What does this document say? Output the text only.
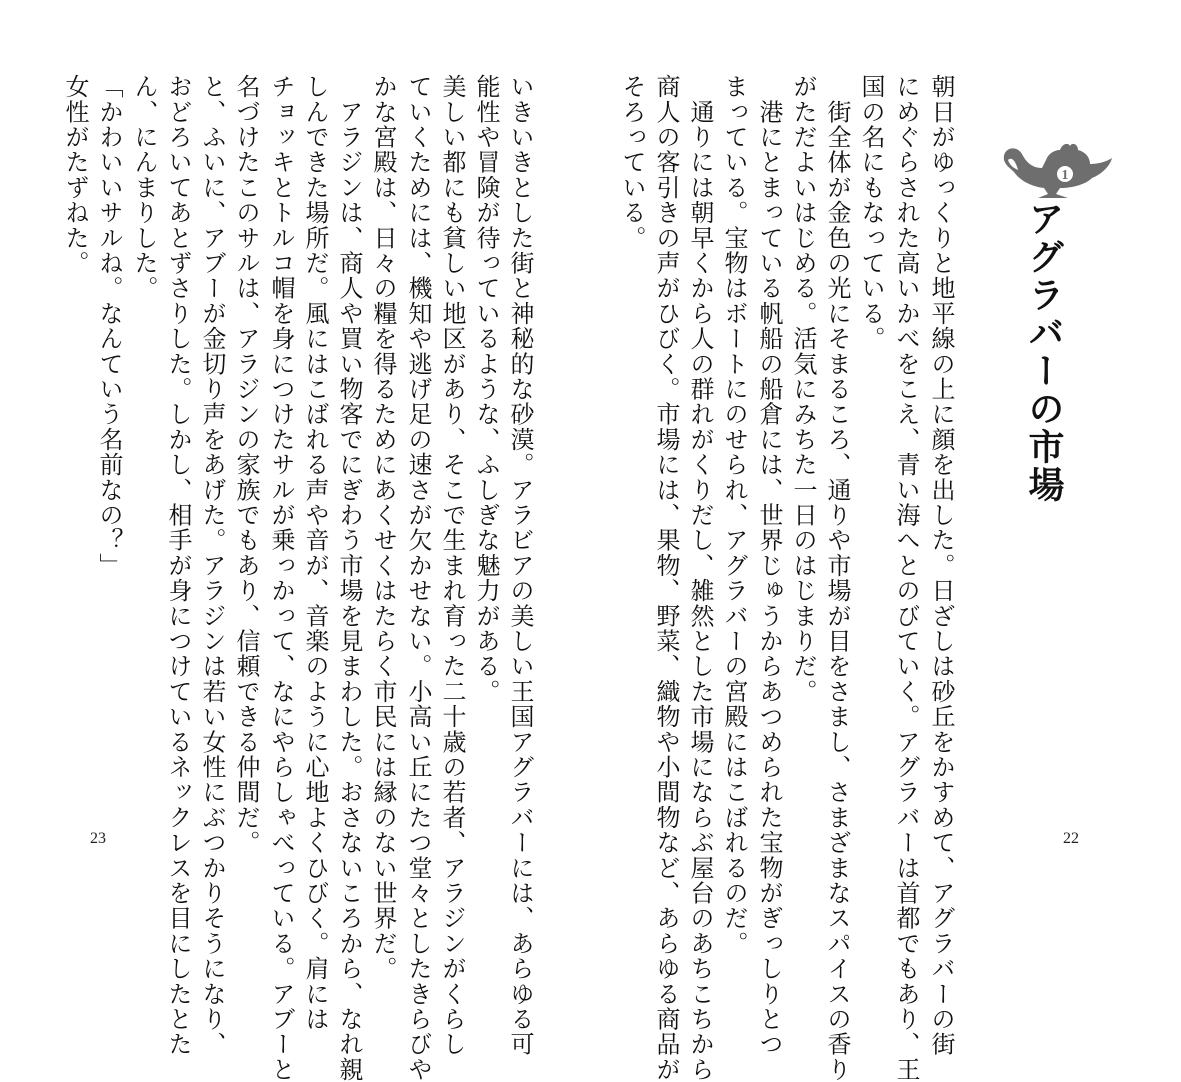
1
アグラバーの市場
朝日がゆっくりと地平線の上に顔を出した。日ざしは砂丘をかすめて、アグラバーの街
にめぐらされた高いかべをこえ、青い海へとのびていく。アグラバーは首都でもあり、王
国の名にもなっている。
　街全体が金色の光にそまるころ、通りや市場が目をさまし、さまざまなスパイスの香り
がただよいはじめる。活気にみちた一日のはじまりだ。
　港にとまっている帆船の船倉には、世界じゅうからあつめられた宝物がぎっしりとつ
まっている。宝物はボートにのせられ、アグラバーの宮殿にはこばれるのだ。
　通りには朝早くから人の群れがくりだし、雑然とした市場にならぶ屋台のあちこちから
商人の客引きの声がひびく。市場には、果物、野菜、織物や小間物など、あらゆる商品が
そろっている。
22
いきいきとした街と神秘的な砂漠。アラビアの美しい王国アグラバーには、あらゆる可
能性や冒険が待っているような、ふしぎな魅力がある。
美しい都にも貧しい地区があり、そこで生まれ育った二十歳の若者、アラジンがくらし
ていくためには、機知や逃げ足の速さが欠かせない。小高い丘にたつ堂々としたきらびや
かな宮殿は、日々の糧を得るためにあくせくはたらく市民には縁のない世界だ。
　アラジンは、商人や買い物客でにぎわう市場を見まわした。おさないころから、なれ親
しんできた場所だ。風にはこばれる声や音が、音楽のように心地よくひびく。肩には
チョッキとトルコ帽を身につけたサルが乗っかって、なにやらしゃべっている。アブーと
名づけたこのサルは、アラジンの家族でもあり、信頼できる仲間だ。
と、ふいに、アブーが金切り声をあげた。アラジンは若い女性にぶつかりそうになり、
おどろいてあとずさりした。しかし、相手が身につけているネックレスを目にしたとた
ん、にんまりした。
「かわいいサルね。なんていう名前なの？」
女性がたずねた。
23
